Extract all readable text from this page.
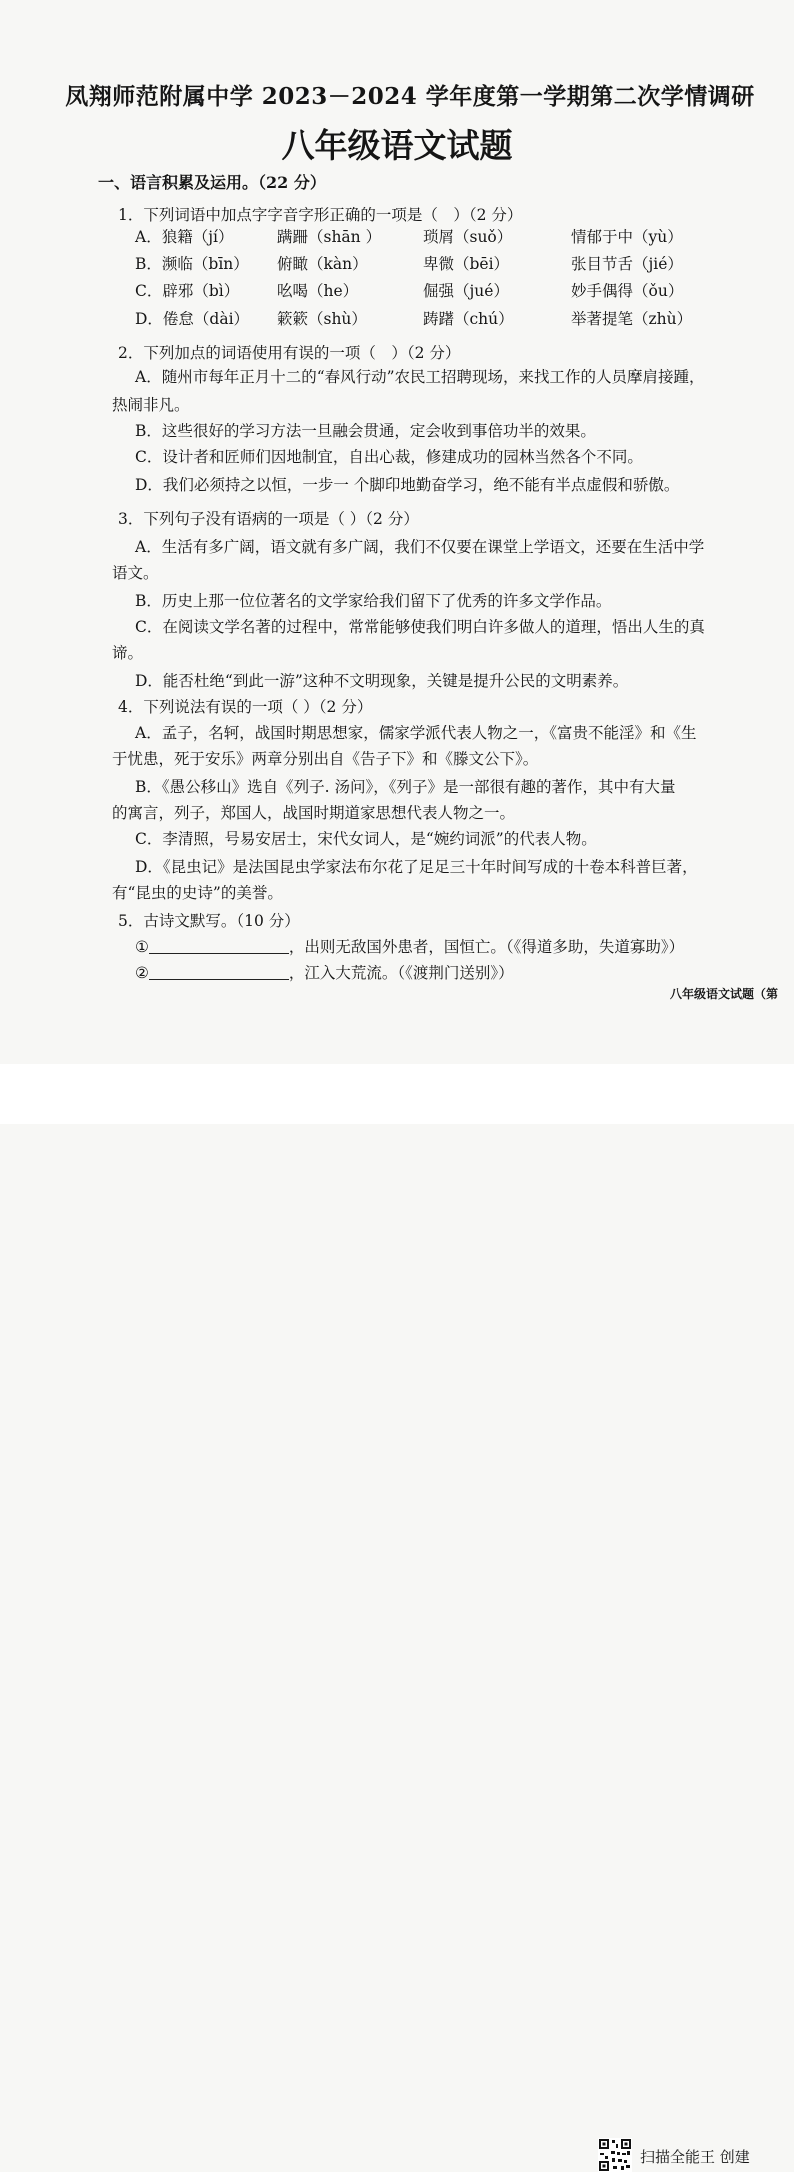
凤翔师范附属中学 2023－2024 学年度第一学期第二次学情调研
八年级语文试题
一、语言积累及运用。（22 分）
1．下列词语中加点字字音字形正确的一项是（　）（2 分）
A．狼籍（jí）	蹒跚（shān ）	琐屑（suǒ）	情郁于中（yù）
B．濒临（bīn）	俯瞰（kàn）	卑微（bēi）	张目节舌（jié）
C．辟邪（bì）	吆喝（he）	倔强（jué）	妙手偶得（ǒu）
D．倦怠（dài）	簌簌（shù）	踌躇（chú）	举著提笔（zhù）
2．下列加点的词语使用有误的一项（　）（2 分）
A．随州市每年正月十二的“春风行动”农民工招聘现场，来找工作的人员摩肩接踵，
热闹非凡。
B．这些很好的学习方法一旦融会贯通，定会收到事倍功半的效果。
C．设计者和匠师们因地制宜，自出心裁，修建成功的园林当然各个不同。
D．我们必须持之以恒，一步一 个脚印地勤奋学习，绝不能有半点虚假和骄傲。
3．下列句子没有语病的一项是（ ）（2 分）
A．生活有多广阔，语文就有多广阔，我们不仅要在课堂上学语文，还要在生活中学
语文。
B．历史上那一位位著名的文学家给我们留下了优秀的许多文学作品。
C．在阅读文学名著的过程中，常常能够使我们明白许多做人的道理，悟出人生的真
谛。
D．能否杜绝“到此一游”这种不文明现象，关键是提升公民的文明素养。
4．下列说法有误的一项（ ）（2 分）
A．孟子，名轲，战国时期思想家，儒家学派代表人物之一，《富贵不能淫》和《生
于忧患，死于安乐》两章分别出自《告子下》和《滕文公下》。
B．《愚公移山》选自《列子. 汤问》，《列子》是一部很有趣的著作，其中有大量
的寓言，列子，郑国人，战国时期道家思想代表人物之一。
C．李清照，号易安居士，宋代女词人，是“婉约词派”的代表人物。
D．《昆虫记》是法国昆虫学家法布尔花了足足三十年时间写成的十卷本科普巨著，
有“昆虫的史诗”的美誉。
5．古诗文默写。（10 分）
①	，出则无敌国外患者，国恒亡。（《得道多助，失道寡助》）
②	，江入大荒流。（《渡荆门送别》）
八年级语文试题（第
扫描全能王 创建
